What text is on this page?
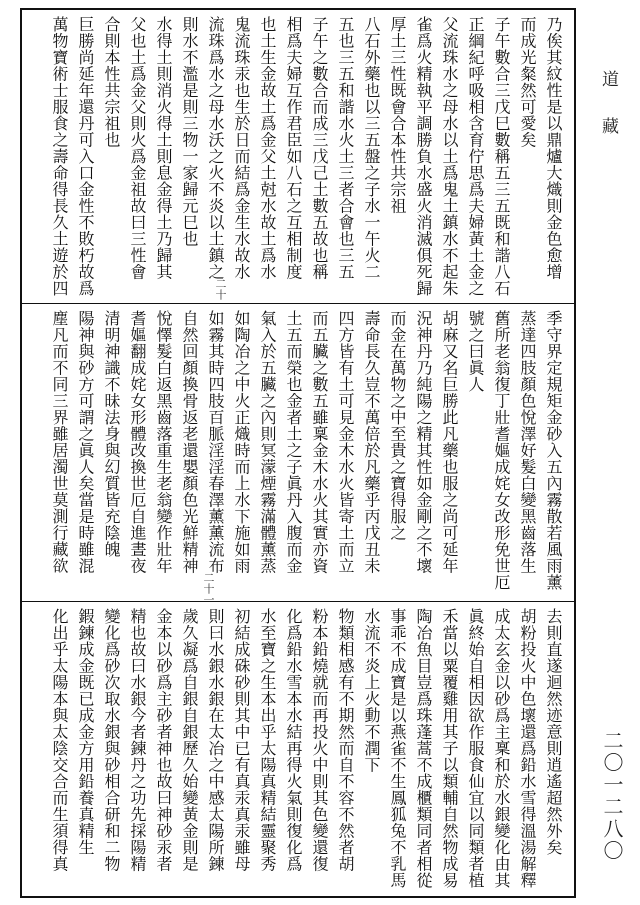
乃俟其紋性是以鼎爐大熾則金色愈增
而成光粲然可愛矣
子午數合三戊巳數稱五三五既和諧八石
正綱紀呼吸相含育佇思爲夫婦黃土金之
父流珠水之母水以土爲鬼土鎮水不起朱
雀爲火精執平調勝負水盛火消滅俱死歸
厚土三性既會合本性共宗祖
八石外藥也以三五盤之子水一午火二
五也三五和諧水火土三者合會也三五
子午之數合而成三戊己土數五故也稱
相爲夫婦互作君臣如八石之互相制度
也土生金故土爲金父土尅水故土爲水
鬼流珠汞也生於日而結爲金生水故水
流珠爲水之母水沃之火不炎以土鎮之
則水不濫是則三物一家歸元巳也
水得土則消火得土則息金得土乃歸其
父也土爲金父則火爲金祖故曰三性會
合則本性共宗祖也
巨勝尚延年還丹可入口金性不敗朽故爲
萬物寶術士服食之壽命得長久土遊於四
季守界定規矩金砂入五內霧散若風雨薰
蒸達四肢顏色悅澤好髮白變黑齒落生
舊所老翁復丁壯耆嫗成姹女改形免世厄
號之曰眞人
胡麻又名巨勝此凡藥也服之尚可延年
況神丹乃純陽之精其性如金剛之不壞
而金在萬物之中至貴之寶得服之
壽命長久豈不萬倍於凡藥乎丙戊丑未
四方皆有土可見金木水火皆寄土而立
而五臟之數五雖稟金木水火其實亦資
土五而榮也金者土之子眞丹入腹而金
氣入於五臟之內則冥濛煙霧滿體薰蒸
如陶冶之中火正熾時而上水下施如雨
如霧其時四肢百脈淫淫春澤薰薰流布
自然回顏換骨返老還嬰顏色光鮮精神
悅懌髮白返黑齒落重生老翁變作壯年
耆嫗翻成姹女形體改換世厄自進晝夜
清明神識不昧法身與幻質皆充陰魄
陽神與砂方可謂之眞人矣當是時雖混
塵凡而不同三界雖居濁世莫測行藏欲
去則直遂迴然迹意則逍遙超然外矣
胡粉投火中色壞還爲鉛水雪得溫湯解釋
成太玄金以砂爲主稟和於水銀變化由其
眞終始自相因欲作服食仙宜以同類者植
禾當以粟覆雞用其子以類輔自然物成易
陶冶魚目豈爲珠蓬蒿不成櫃類同者相從
事乖不成寶是以燕雀不生鳳狐兔不乳馬
水流不炎上火動不潤下
物類相感有不期然而自不容不然者胡
粉本鉛燒就而再投火中則其色變還復
化爲鉛水雪本水結再得火氣則復化爲
水至寶之生本出乎太陽真精結靈聚秀
初結成硃砂則其中已有真汞真汞雖母
則曰水銀水銀在太冶之中感太陽所鍊
歲久凝爲自銀自銀歷久始變黃金則是
金本以砂爲主砂者神也故曰神砂汞者
精也故曰水銀今者鍊丹之功先採陽精
變化爲砂次取水銀與砂相合研和二物
鍜鍊成金既已成金方用鉛養真精生
化出乎太陽本與太陰交合而生須得真
二十
二十一
道藏
二〇一二八〇
